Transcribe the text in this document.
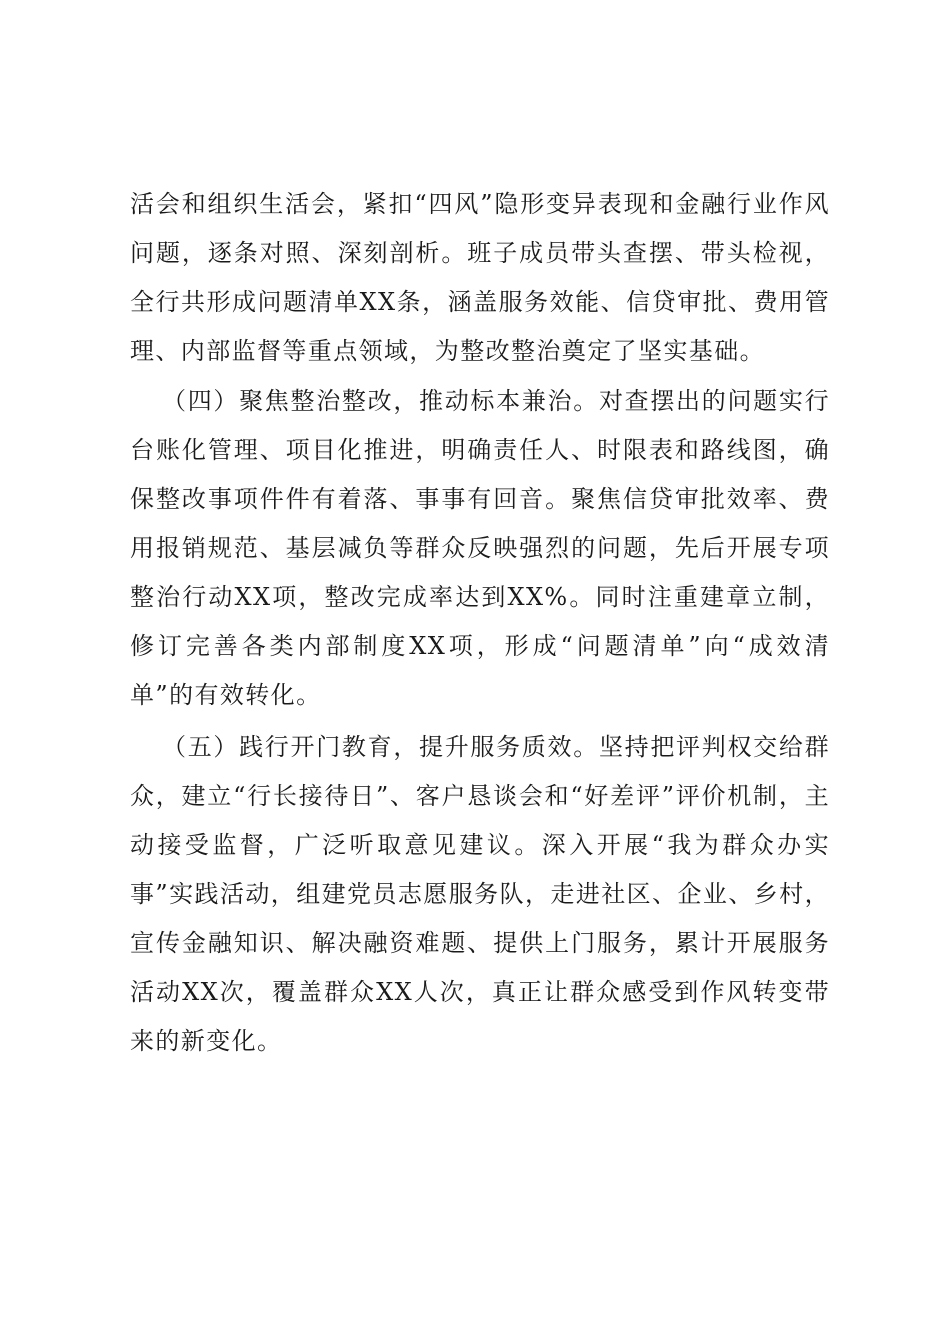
活会和组织生活会，紧扣“四风”隐形变异表现和金融行业作风问题，逐条对照、深刻剖析。班子成员带头查摆、带头检视，全行共形成问题清单XX条，涵盖服务效能、信贷审批、费用管理、内部监督等重点领域，为整改整治奠定了坚实基础。

（四）聚焦整治整改，推动标本兼治。对查摆出的问题实行台账化管理、项目化推进，明确责任人、时限表和路线图，确保整改事项件件有着落、事事有回音。聚焦信贷审批效率、费用报销规范、基层减负等群众反映强烈的问题，先后开展专项整治行动XX项，整改完成率达到XX%。同时注重建章立制，修订完善各类内部制度XX项，形成“问题清单”向“成效清单”的有效转化。

（五）践行开门教育，提升服务质效。坚持把评判权交给群众，建立“行长接待日”、客户恳谈会和“好差评”评价机制，主动接受监督，广泛听取意见建议。深入开展“我为群众办实事”实践活动，组建党员志愿服务队，走进社区、企业、乡村，宣传金融知识、解决融资难题、提供上门服务，累计开展服务活动XX次，覆盖群众XX人次，真正让群众感受到作风转变带来的新变化。
